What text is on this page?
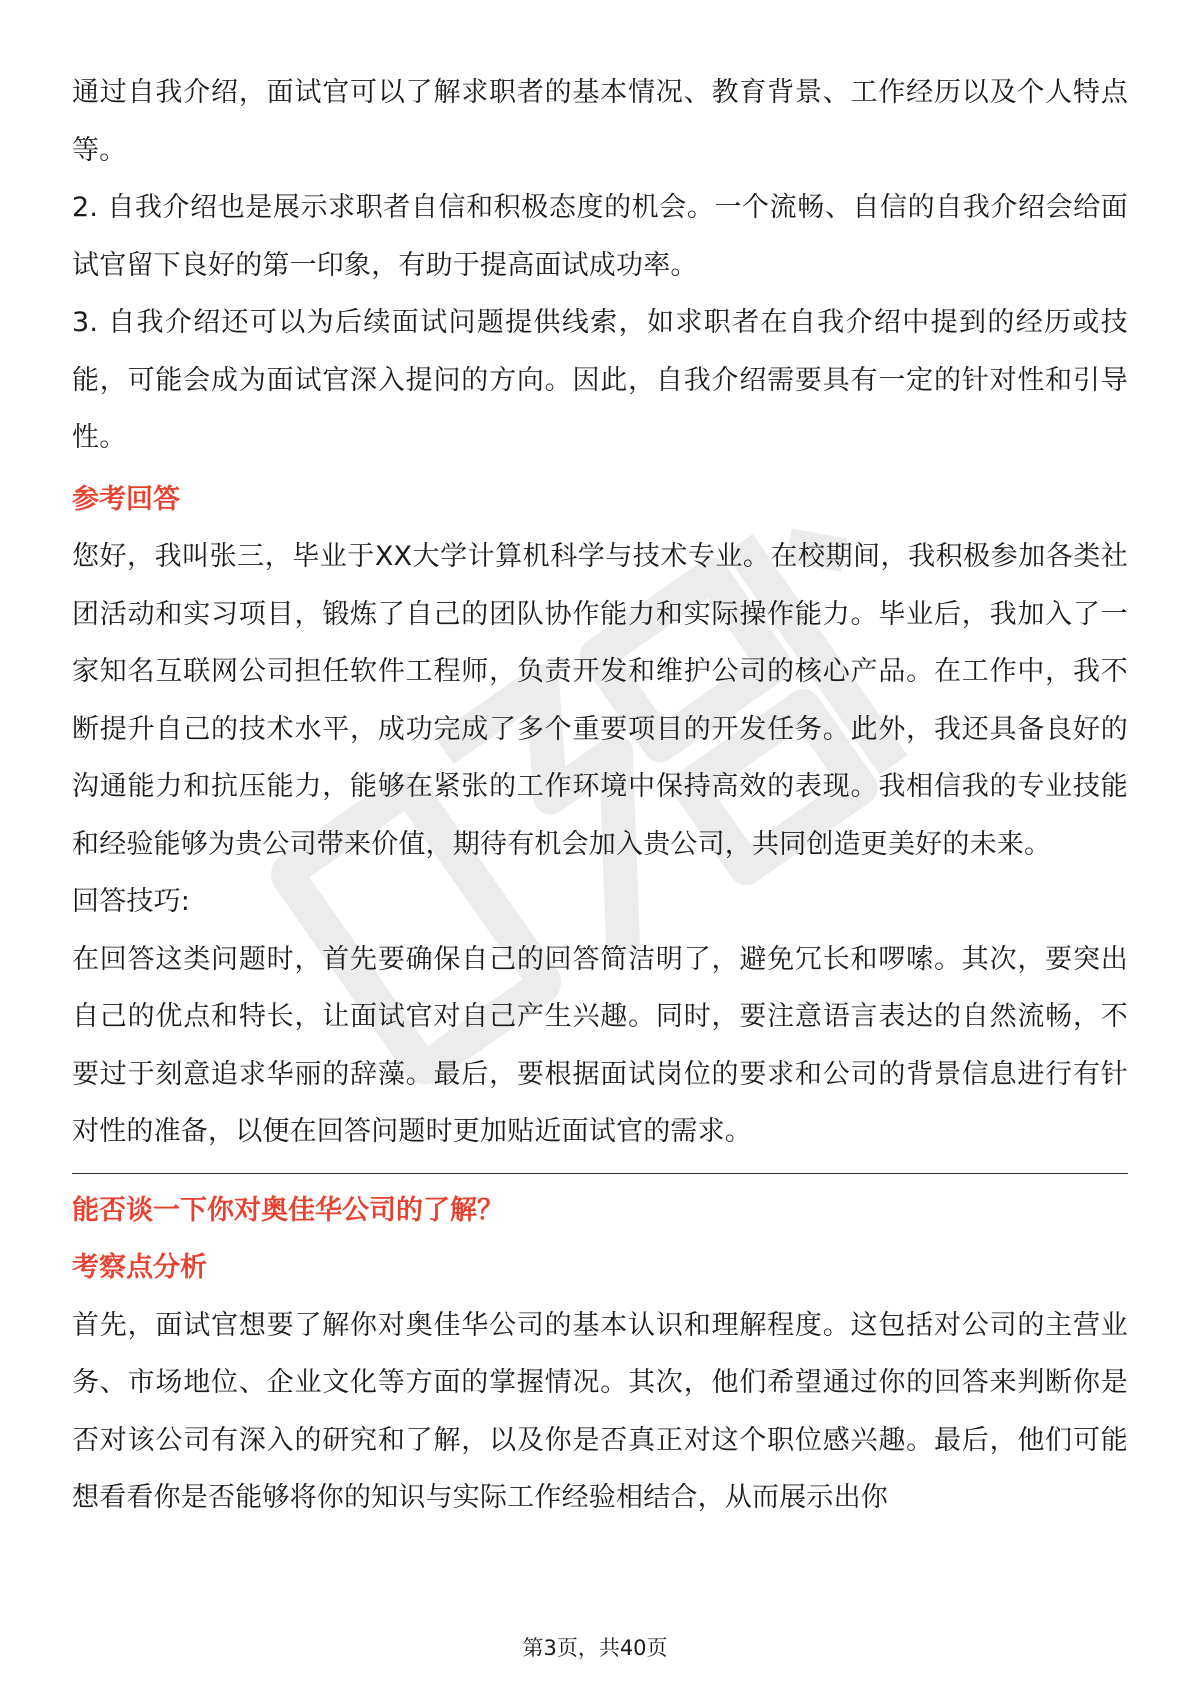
通过自我介绍，面试官可以了解求职者的基本情况、教育背景、工作经历以及个人特点等。

2. 自我介绍也是展示求职者自信和积极态度的机会。一个流畅、自信的自我介绍会给面试官留下良好的第一印象，有助于提高面试成功率。

3. 自我介绍还可以为后续面试问题提供线索，如求职者在自我介绍中提到的经历或技能，可能会成为面试官深入提问的方向。因此，自我介绍需要具有一定的针对性和引导性。

参考回答

您好，我叫张三，毕业于XX大学计算机科学与技术专业。在校期间，我积极参加各类社团活动和实习项目，锻炼了自己的团队协作能力和实际操作能力。毕业后，我加入了一家知名互联网公司担任软件工程师，负责开发和维护公司的核心产品。在工作中，我不断提升自己的技术水平，成功完成了多个重要项目的开发任务。此外，我还具备良好的沟通能力和抗压能力，能够在紧张的工作环境中保持高效的表现。我相信我的专业技能和经验能够为贵公司带来价值，期待有机会加入贵公司，共同创造更美好的未来。

回答技巧:

在回答这类问题时，首先要确保自己的回答简洁明了，避免冗长和啰嗦。其次，要突出自己的优点和特长，让面试官对自己产生兴趣。同时，要注意语言表达的自然流畅，不要过于刻意追求华丽的辞藻。最后，要根据面试岗位的要求和公司的背景信息进行有针对性的准备，以便在回答问题时更加贴近面试官的需求。

能否谈一下你对奥佳华公司的了解？

考察点分析

首先，面试官想要了解你对奥佳华公司的基本认识和理解程度。这包括对公司的主营业务、市场地位、企业文化等方面的掌握情况。其次，他们希望通过你的回答来判断你是否对该公司有深入的研究和了解，以及你是否真正对这个职位感兴趣。最后，他们可能想看看你是否能够将你的知识与实际工作经验相结合，从而展示出你

第3页，共40页
